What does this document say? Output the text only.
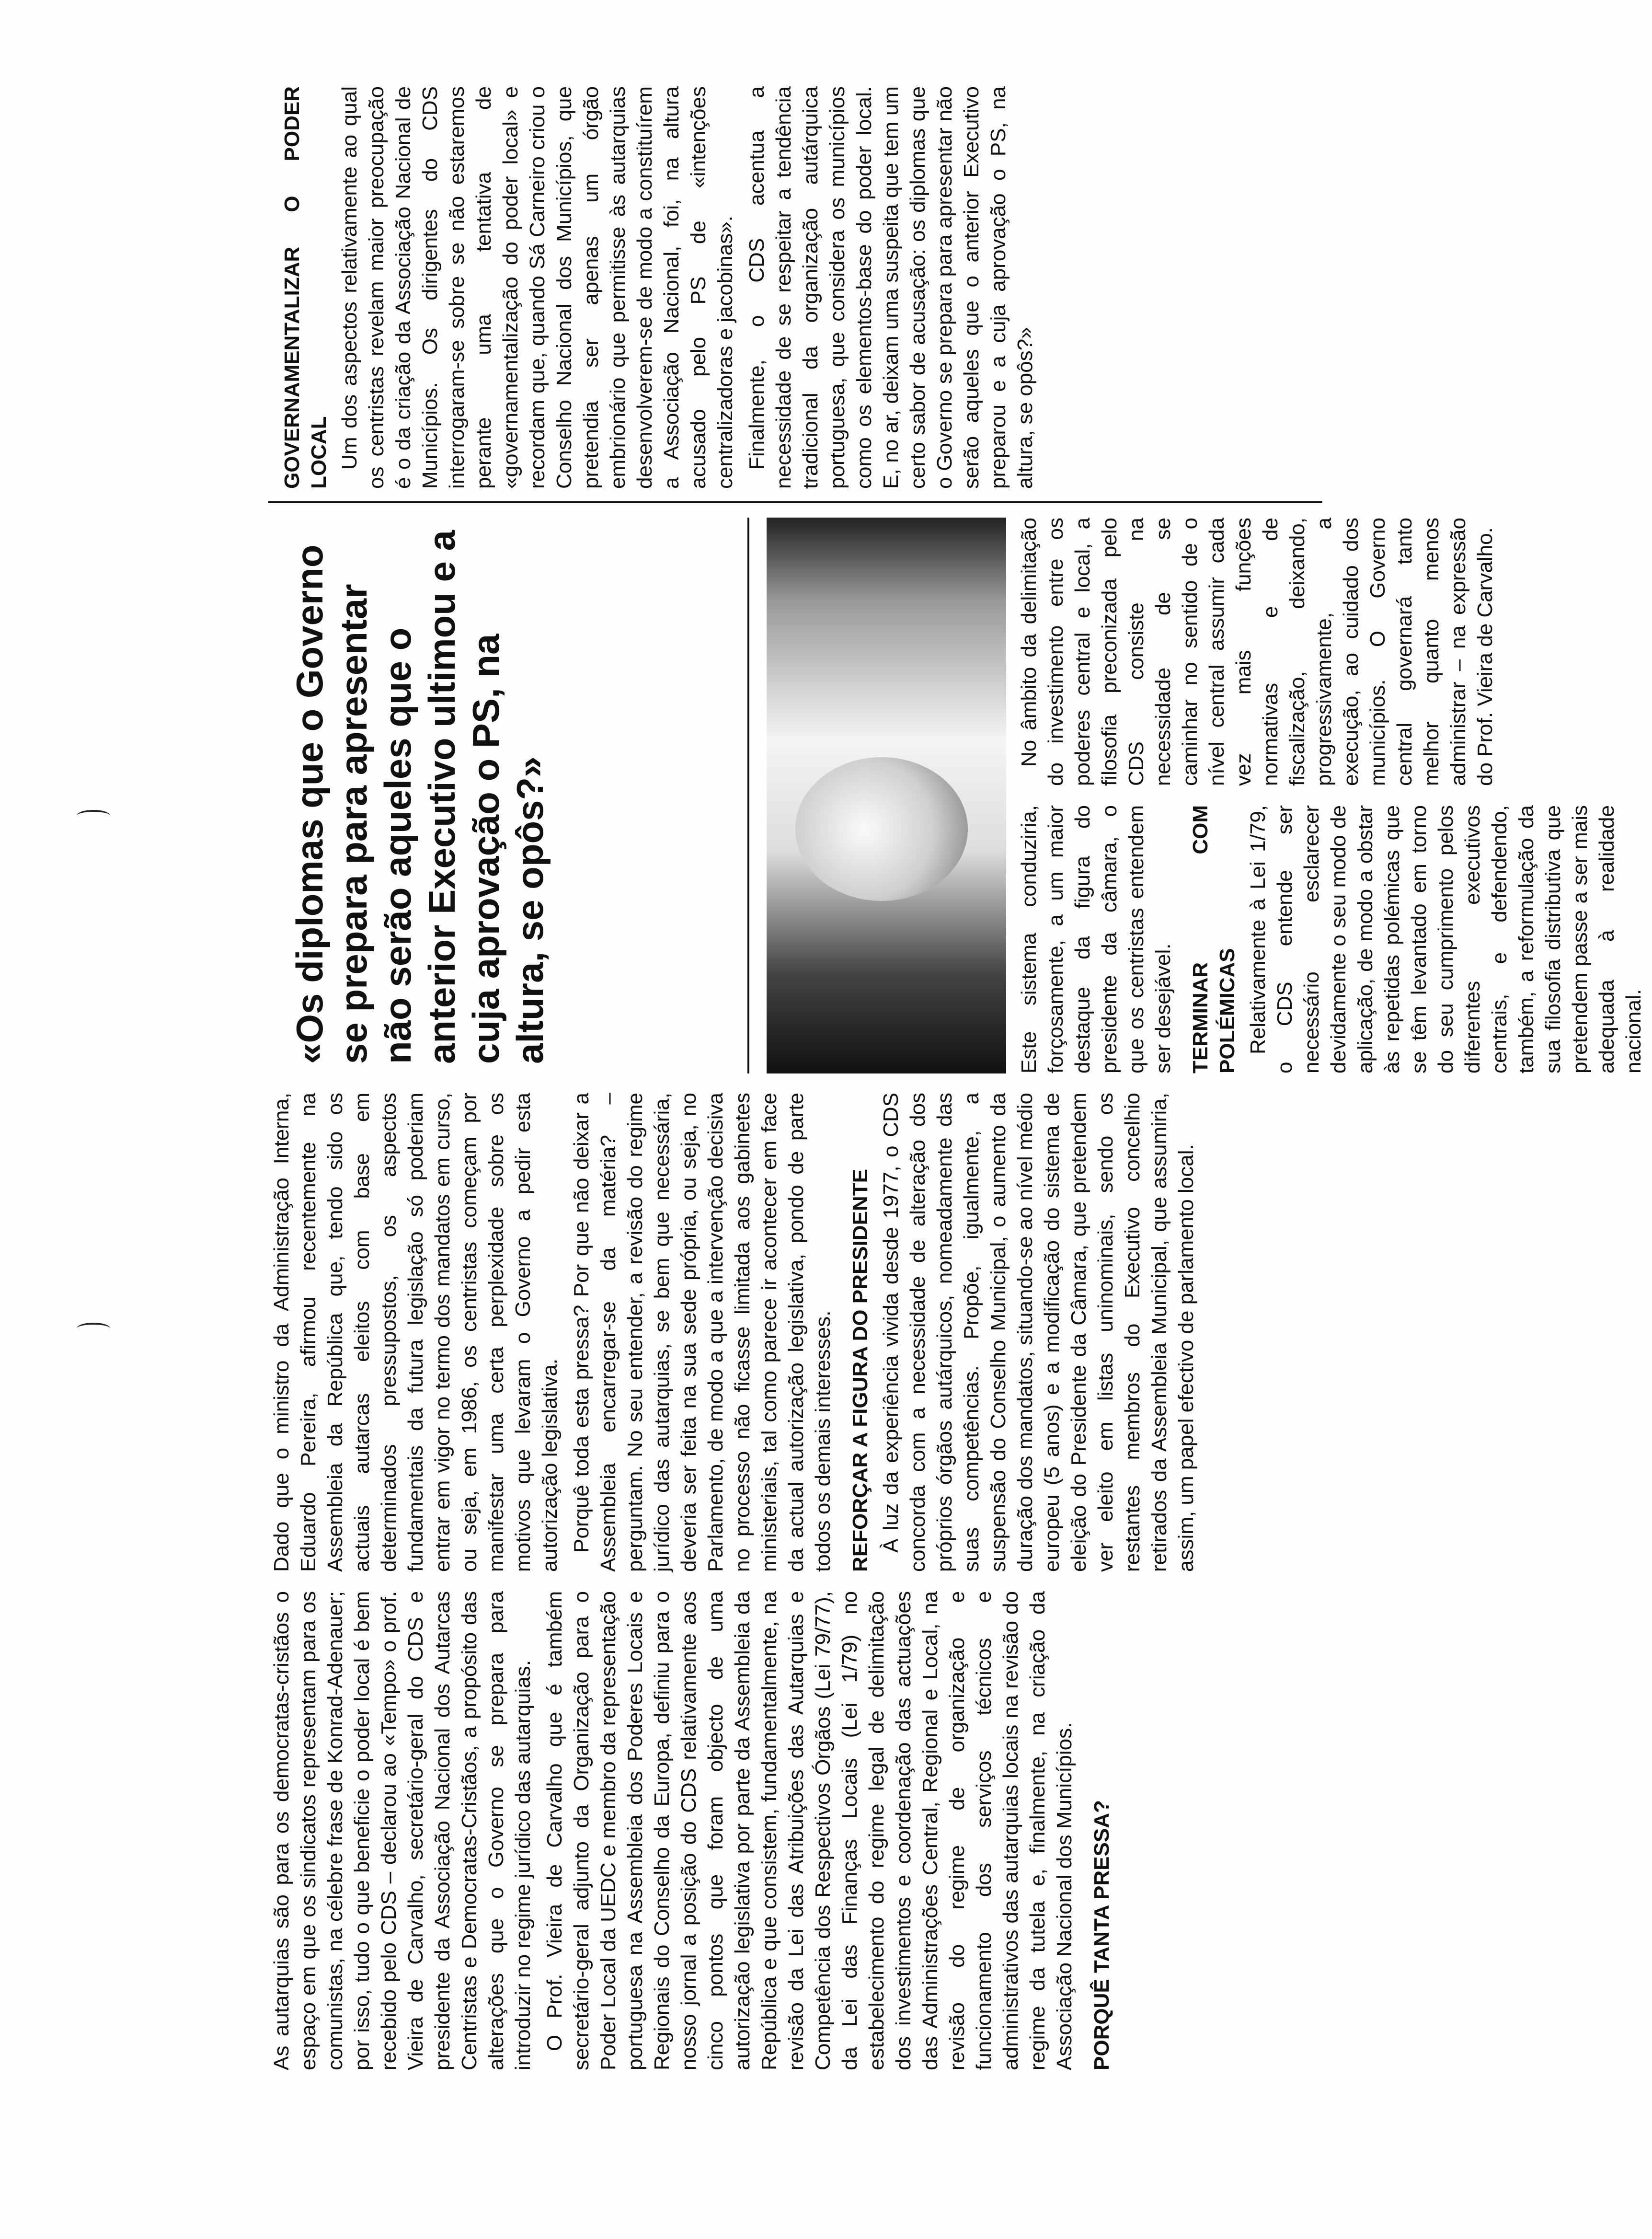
As autarquias são para os democratas-cristãos o espaço em que os sindicatos representam para os comunistas, na célebre frase de Konrad-Adenauer; por isso, tudo o que beneficie o poder local é bem recebido pelo CDS – declarou ao «Tempo» o prof. Vieira de Carvalho, secretário-geral do CDS e presidente da Associação Nacional dos Autarcas Centristas e Democratas-Cristãos, a propósito das alterações que o Governo se prepara para introduzir no regime jurídico das autarquias. O Prof. Vieira de Carvalho que é também secretário-geral adjunto da Organização para o Poder Local da UEDC e membro da representação portuguesa na Assembleia dos Poderes Locais e Regionais do Conselho da Europa, definiu para o nosso jornal a posição do CDS relativamente aos cinco pontos que foram objecto de uma autorização legislativa por parte da Assembleia da República e que consistem, fundamentalmente, na revisão da Lei das Atribuições das Autarquias e Competência dos Respectivos Órgãos (Lei 79/77), da Lei das Finanças Locais (Lei 1/79) no estabelecimento do regime legal de delimitação dos investimentos e coordenação das actuações das Administrações Central, Regional e Local, na revisão do regime de organização e funcionamento dos serviços técnicos e administrativos das autarquias locais na revisão do regime da tutela e, finalmente, na criação da Associação Nacional dos Municípios. PORQUÊ TANTA PRESSA?

Dado que o ministro da Administração Interna, Eduardo Pereira, afirmou recentemente na Assembleia da República que, tendo sido os actuais autarcas eleitos com base em determinados pressupostos, os aspectos fundamentais da futura legislação só poderiam entrar em vigor no termo dos mandatos em curso, ou seja, em 1986, os centristas começam por manifestar uma certa perplexidade sobre os motivos que levaram o Governo a pedir esta autorização legislativa. Porquê toda esta pressa? Por que não deixar a Assembleia encarregar-se da matéria? – perguntam. No seu entender, a revisão do regime jurídico das autarquias, se bem que necessária, deveria ser feita na sua sede própria, ou seja, no Parlamento, de modo a que a intervenção decisiva no processo não ficasse limitada aos gabinetes ministeriais, tal como parece ir acontecer em face da actual autorização legislativa, pondo de parte todos os demais interesses. REFORÇAR A FIGURA DO PRESIDENTE À luz da experiência vivida desde 1977, o CDS concorda com a necessidade de alteração dos próprios órgãos autárquicos, nomeadamente das suas competências. Propõe, igualmente, a suspensão do Conselho Municipal, o aumento da duração dos mandatos, situando-se ao nível médio europeu (5 anos) e a modificação do sistema de eleição do Presidente da Câmara, que pretendem ver eleito em listas uninominais, sendo os restantes membros do Executivo concelhio retirados da Assembleia Municipal, que assumiria, assim, um papel efectivo de parlamento local.

Este sistema conduziria, forçosamente, a um maior destaque da figura do presidente da câmara, o que os centristas entendem ser desejável. TERMINAR COM POLÉMICAS Relativamente à Lei 1/79, o CDS entende ser necessário esclarecer devidamente o seu modo de aplicação, de modo a obstar às repetidas polémicas que se têm levantado em torno do seu cumprimento pelos diferentes executivos centrais, e defendendo, também, a reformulação da sua filosofia distributiva que pretendem passe a ser mais adequada à realidade nacional.

No âmbito da delimitação do investimento entre os poderes central e local, a filosofia preconizada pelo CDS consiste na necessidade de se caminhar no sentido de o nível central assumir cada vez mais funções normativas e de fiscalização, deixando, progressivamente, a execução, ao cuidado dos municípios. O Governo central governará tanto melhor quanto menos administrar – na expressão do Prof. Vieira de Carvalho.

«Os diplomas que o Governo se prepara para apresentar não serão aqueles que o anterior Executivo ultimou e a cuja aprovação o PS, na altura, se opôs?»
GOVERNAMENTALIZAR O PODER LOCAL Um dos aspectos relativamente ao qual os centristas revelam maior preocupação é o da criação da Associação Nacional de Municípios. Os dirigentes do CDS interrogaram-se sobre se não estaremos perante uma tentativa de «governamentalização do poder local» e recordam que, quando Sá Carneiro criou o Conselho Nacional dos Municípios, que pretendia ser apenas um órgão embrionário que permitisse às autarquias desenvolverem-se de modo a constituírem a Associação Nacional, foi, na altura acusado pelo PS de «intenções centralizadoras e jacobinas». Finalmente, o CDS acentua a necessidade de se respeitar a tendência tradicional da organização autárquica portuguesa, que considera os municípios como os elementos-base do poder local. E, no ar, deixam uma suspeita que tem um certo sabor de acusação: os diplomas que o Governo se prepara para apresentar não serão aqueles que o anterior Executivo preparou e a cuja aprovação o PS, na altura, se opôs?»
